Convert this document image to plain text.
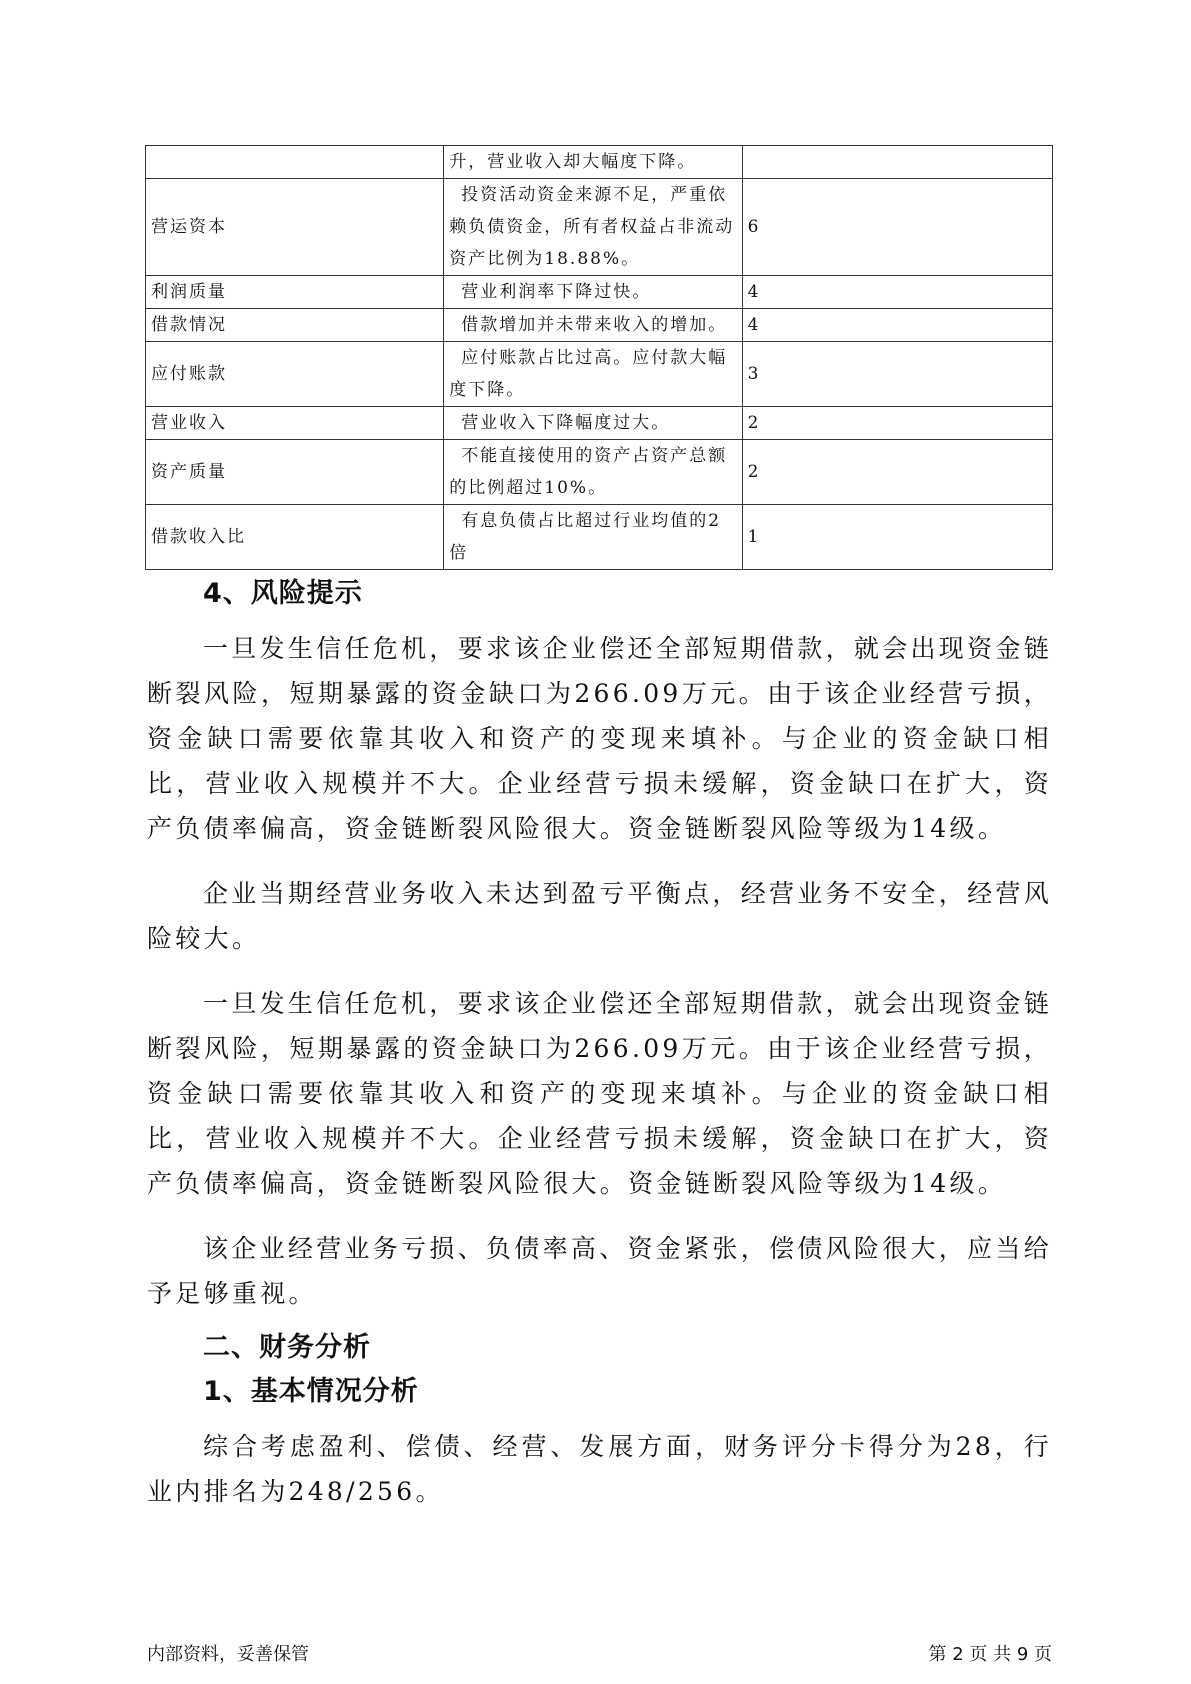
	升，营业收入却大幅度下降。	
营运资本	投资活动资金来源不足，严重依赖负债资金，所有者权益占非流动资产比例为18.88%。	6
利润质量	营业利润率下降过快。	4
借款情况	借款增加并未带来收入的增加。	4
应付账款	应付账款占比过高。应付款大幅度下降。	3
营业收入	营业收入下降幅度过大。	2
资产质量	不能直接使用的资产占资产总额的比例超过10%。	2
借款收入比	有息负债占比超过行业均值的2倍	1
4、风险提示

一旦发生信任危机，要求该企业偿还全部短期借款，就会出现资金链断裂风险，短期暴露的资金缺口为266.09万元。由于该企业经营亏损，资金缺口需要依靠其收入和资产的变现来填补。与企业的资金缺口相比，营业收入规模并不大。企业经营亏损未缓解，资金缺口在扩大，资产负债率偏高，资金链断裂风险很大。资金链断裂风险等级为14级。

企业当期经营业务收入未达到盈亏平衡点，经营业务不安全，经营风险较大。

一旦发生信任危机，要求该企业偿还全部短期借款，就会出现资金链断裂风险，短期暴露的资金缺口为266.09万元。由于该企业经营亏损，资金缺口需要依靠其收入和资产的变现来填补。与企业的资金缺口相比，营业收入规模并不大。企业经营亏损未缓解，资金缺口在扩大，资产负债率偏高，资金链断裂风险很大。资金链断裂风险等级为14级。

该企业经营业务亏损、负债率高、资金紧张，偿债风险很大，应当给予足够重视。

二、财务分析
1、基本情况分析

综合考虑盈利、偿债、经营、发展方面，财务评分卡得分为28，行业内排名为248/256。

内部资料，妥善保管	第 2 页 共 9 页
